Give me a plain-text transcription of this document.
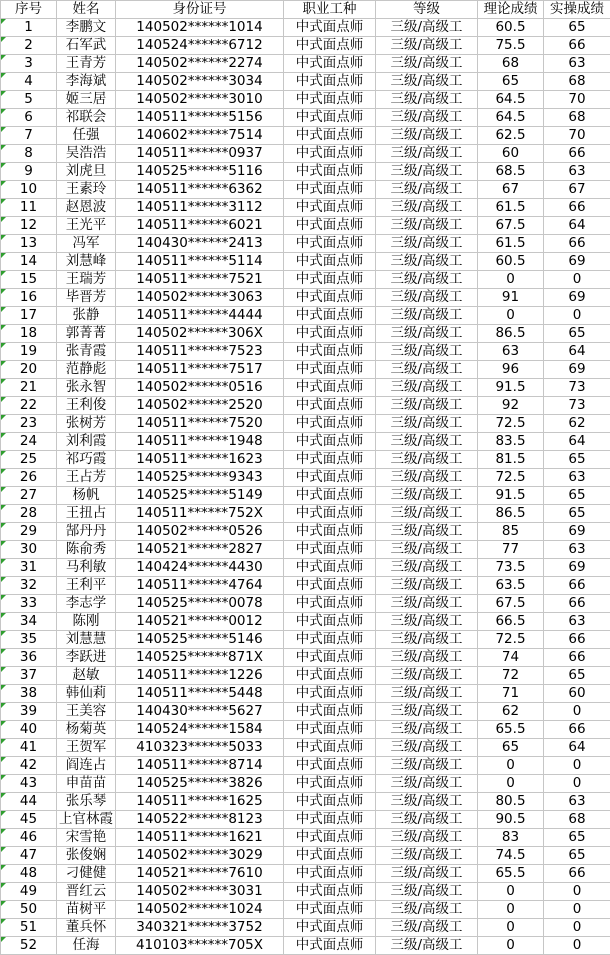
序号	姓名	身份证号	职业工种	等级	理论成绩	实操成绩

1	李鹏文	140502******1014	中式面点师	三级/高级工	60.5	65

2	石军武	140524******6712	中式面点师	三级/高级工	75.5	66

3	王青芳	140502******2274	中式面点师	三级/高级工	68	63

4	李海斌	140502******3034	中式面点师	三级/高级工	65	68

5	姬三居	140502******3010	中式面点师	三级/高级工	64.5	70

6	祁联会	140511******5156	中式面点师	三级/高级工	64.5	68

7	任强	140602******7514	中式面点师	三级/高级工	62.5	70

8	吴浩浩	140511******0937	中式面点师	三级/高级工	60	66

9	刘虎旦	140525******5116	中式面点师	三级/高级工	68.5	63

10	王素玲	140511******6362	中式面点师	三级/高级工	67	67

11	赵恩波	140511******3112	中式面点师	三级/高级工	61.5	66

12	王光平	140511******6021	中式面点师	三级/高级工	67.5	64

13	冯军	140430******2413	中式面点师	三级/高级工	61.5	66

14	刘慧峰	140511******5114	中式面点师	三级/高级工	60.5	69

15	王瑞芳	140511******7521	中式面点师	三级/高级工	0	0

16	毕晋芳	140502******3063	中式面点师	三级/高级工	91	69

17	张静	140511******4444	中式面点师	三级/高级工	0	0

18	郭菁菁	140502******306X	中式面点师	三级/高级工	86.5	65

19	张青霞	140511******7523	中式面点师	三级/高级工	63	64

20	范静彪	140511******7517	中式面点师	三级/高级工	96	69

21	张永智	140502******0516	中式面点师	三级/高级工	91.5	73

22	王利俊	140502******2520	中式面点师	三级/高级工	92	73

23	张树芳	140511******7520	中式面点师	三级/高级工	72.5	62

24	刘利霞	140511******1948	中式面点师	三级/高级工	83.5	64

25	祁巧霞	140511******1623	中式面点师	三级/高级工	81.5	65

26	王占芳	140525******9343	中式面点师	三级/高级工	72.5	63

27	杨帆	140525******5149	中式面点师	三级/高级工	91.5	65

28	王扭占	140511******752X	中式面点师	三级/高级工	86.5	65

29	郜丹丹	140502******0526	中式面点师	三级/高级工	85	69

30	陈俞秀	140521******2827	中式面点师	三级/高级工	77	63

31	马利敏	140424******4430	中式面点师	三级/高级工	73.5	69

32	王利平	140511******4764	中式面点师	三级/高级工	63.5	66

33	李志学	140525******0078	中式面点师	三级/高级工	67.5	66

34	陈刚	140521******0012	中式面点师	三级/高级工	66.5	63

35	刘慧慧	140525******5146	中式面点师	三级/高级工	72.5	66

36	李跃进	140525******871X	中式面点师	三级/高级工	74	66

37	赵敏	140511******1226	中式面点师	三级/高级工	72	65

38	韩仙莉	140511******5448	中式面点师	三级/高级工	71	60

39	王美容	140430******5627	中式面点师	三级/高级工	62	0

40	杨菊英	140524******1584	中式面点师	三级/高级工	65.5	66

41	王贺军	410323******5033	中式面点师	三级/高级工	65	64

42	阎连占	140511******8714	中式面点师	三级/高级工	0	0

43	申苗苗	140525******3826	中式面点师	三级/高级工	0	0

44	张乐琴	140511******1625	中式面点师	三级/高级工	80.5	63

45	上官林霞	140522******8123	中式面点师	三级/高级工	90.5	68

46	宋雪艳	140511******1621	中式面点师	三级/高级工	83	65

47	张俊娴	140502******3029	中式面点师	三级/高级工	74.5	65

48	刁健健	140521******7610	中式面点师	三级/高级工	65.5	66

49	晋红云	140502******3031	中式面点师	三级/高级工	0	0

50	苗树平	140502******1024	中式面点师	三级/高级工	0	0

51	董兵怀	340321******3752	中式面点师	三级/高级工	0	0

52	任海	410103******705X	中式面点师	三级/高级工	0	0
